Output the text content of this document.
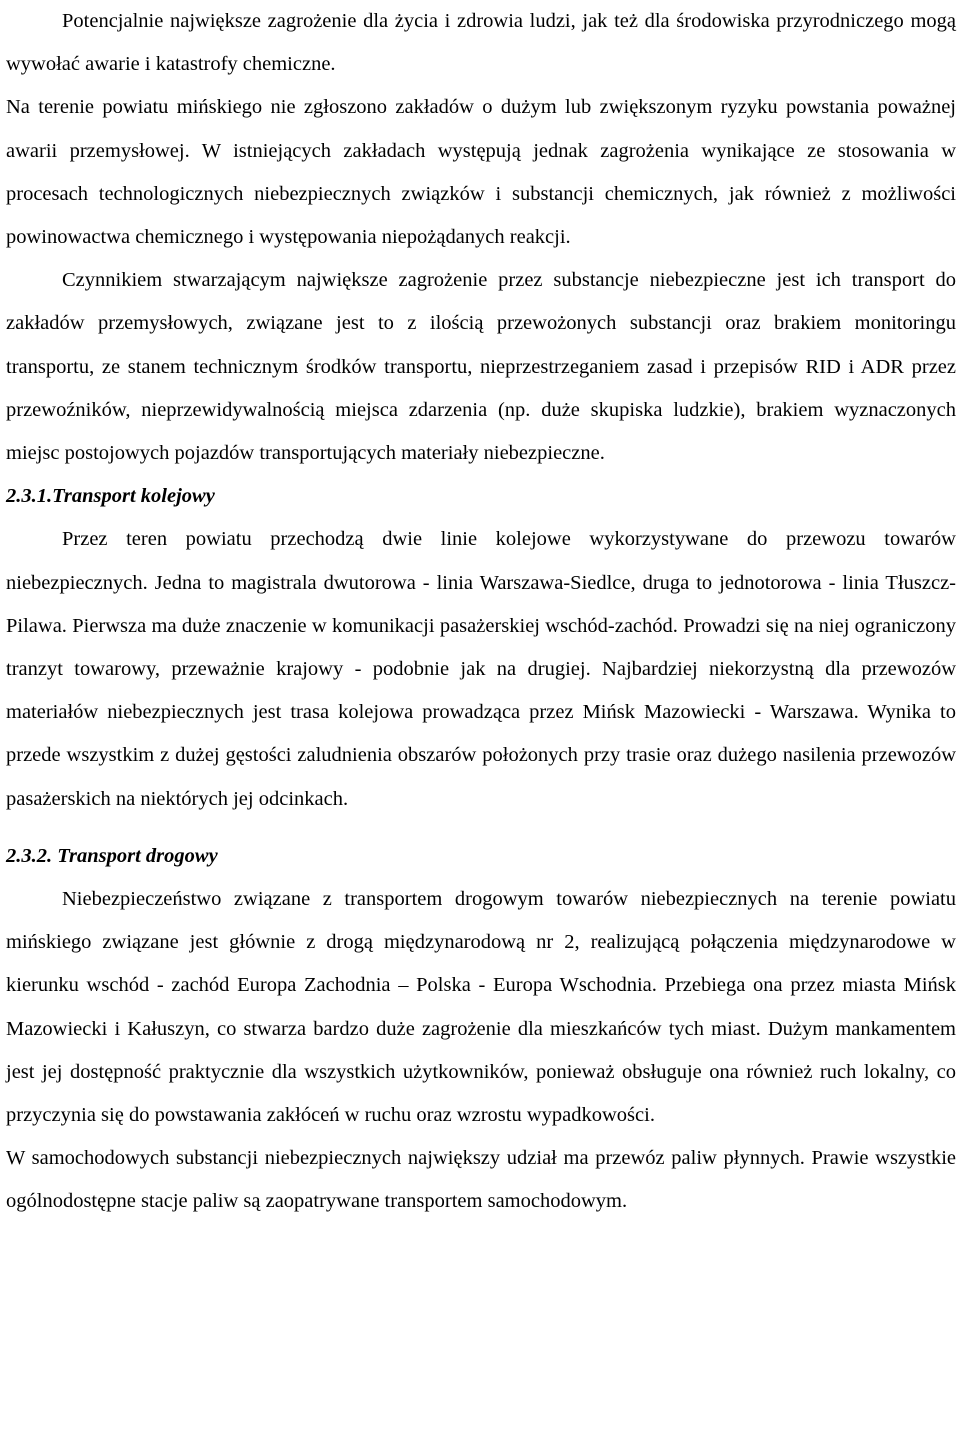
Potencjalnie największe zagrożenie dla życia i zdrowia ludzi, jak też dla środowiska przyrodniczego mogą wywołać awarie i katastrofy chemiczne.

Na terenie powiatu mińskiego nie zgłoszono zakładów o dużym lub zwiększonym ryzyku powstania poważnej awarii przemysłowej. W istniejących zakładach występują jednak zagrożenia wynikające ze stosowania w procesach technologicznych niebezpiecznych związków i substancji chemicznych, jak również z możliwości powinowactwa chemicznego i występowania niepożądanych reakcji.

Czynnikiem stwarzającym największe zagrożenie przez substancje niebezpieczne jest ich transport do zakładów przemysłowych, związane jest to z ilością przewożonych substancji oraz brakiem monitoringu transportu, ze stanem technicznym środków transportu, nieprzestrzeganiem zasad i przepisów RID i ADR przez przewoźników, nieprzewidywalnością miejsca zdarzenia (np. duże skupiska ludzkie), brakiem wyznaczonych miejsc postojowych pojazdów transportujących materiały niebezpieczne.

2.3.1.Transport kolejowy

Przez teren powiatu przechodzą dwie linie kolejowe wykorzystywane do przewozu towarów niebezpiecznych. Jedna to magistrala dwutorowa - linia Warszawa-Siedlce, druga to jednotorowa - linia Tłuszcz-Pilawa. Pierwsza ma duże znaczenie w komunikacji pasażerskiej wschód-zachód. Prowadzi się na niej ograniczony tranzyt towarowy, przeważnie krajowy - podobnie jak na drugiej. Najbardziej niekorzystną dla przewozów materiałów niebezpiecznych jest trasa kolejowa prowadząca przez Mińsk Mazowiecki - Warszawa. Wynika to przede wszystkim z dużej gęstości zaludnienia obszarów położonych przy trasie oraz dużego nasilenia przewozów pasażerskich na niektórych jej odcinkach.

2.3.2. Transport drogowy

Niebezpieczeństwo związane z transportem drogowym towarów niebezpiecznych na terenie powiatu mińskiego związane jest głównie z drogą międzynarodową nr 2, realizującą połączenia międzynarodowe w kierunku wschód - zachód Europa Zachodnia – Polska - Europa Wschodnia. Przebiega ona przez miasta Mińsk Mazowiecki i Kałuszyn, co stwarza bardzo duże zagrożenie dla mieszkańców tych miast. Dużym mankamentem jest jej dostępność praktycznie dla wszystkich użytkowników, ponieważ obsługuje ona również ruch lokalny, co przyczynia się do powstawania zakłóceń w ruchu oraz wzrostu wypadkowości.

W samochodowych substancji niebezpiecznych największy udział ma przewóz paliw płynnych. Prawie wszystkie ogólnodostępne stacje paliw są zaopatrywane transportem samochodowym.
